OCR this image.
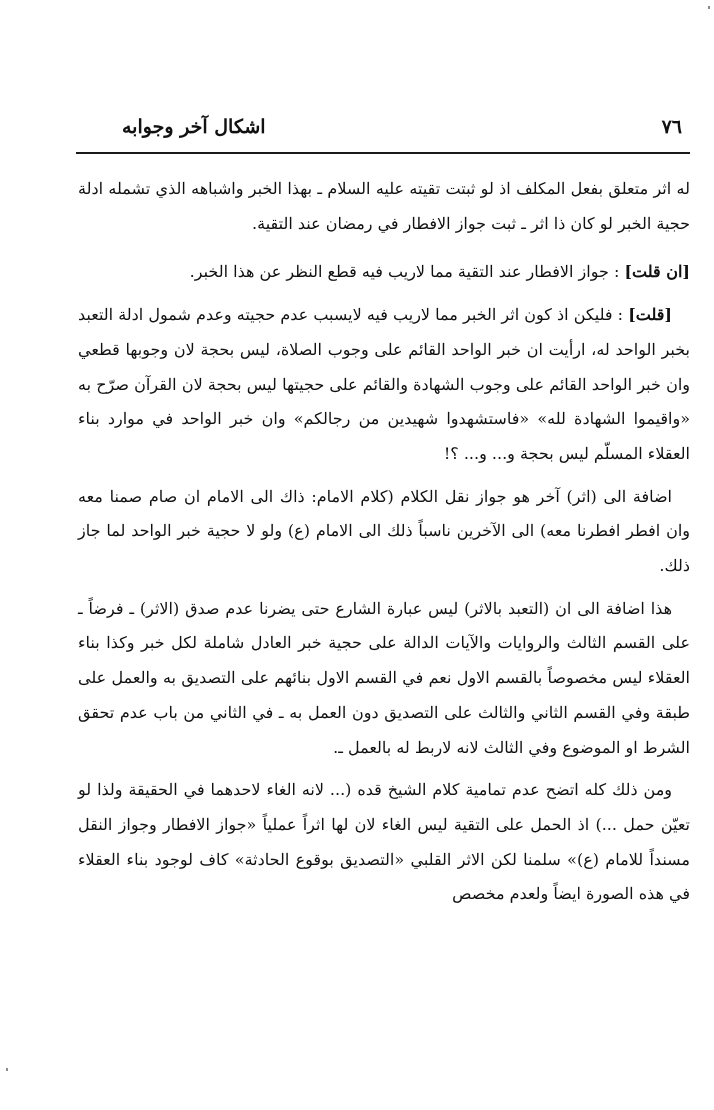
٧٦
اشكال آخر وجوابه

له اثر متعلق بفعل المكلف اذ لو ثبتت تقيته عليه السلام ـ بهذا الخبر واشباهه الذي تشمله ادلة حجية الخبر لو كان ذا اثر ـ ثبت جواز الافطار في رمضان عند التقية.

[ان قلت] : جواز الافطار عند التقية مما لاريب فيه قطع النظر عن هذا الخبر.

[قلت] : فليكن اذ كون اثر الخبر مما لاريب فيه لايسبب عدم حجيته وعدم شمول ادلة التعبد بخبر الواحد له، ارأيت ان خبر الواحد القائم على وجوب الصلاة، ليس بحجة لان وجوبها قطعي وان خبر الواحد القائم على وجوب الشهادة والقائم على حجيتها ليس بحجة لان القرآن صرّح به «واقيموا الشهادة لله» «فاستشهدوا شهيدين من رجالكم» وان خبر الواحد في موارد بناء العقلاء المسلّم ليس بحجة و... و... ؟!

اضافة الى (اثر) آخر هو جواز نقل الكلام (كلام الامام: ذاك الى الامام ان صام صمنا معه وان افطر افطرنا معه) الى الآخرين ناسباً ذلك الى الامام (ع) ولو لا حجية خبر الواحد لما جاز ذلك.

هذا اضافة الى ان (التعبد بالاثر) ليس عبارة الشارع حتى يضرنا عدم صدق (الاثر) ـ فرضاً ـ على القسم الثالث والروايات والآيات الدالة على حجية خبر العادل شاملة لكل خبر وكذا بناء العقلاء ليس مخصوصاً بالقسم الاول نعم في القسم الاول بنائهم على التصديق به والعمل على طبقة وفي القسم الثاني والثالث على التصديق دون العمل به ـ في الثاني من باب عدم تحقق الشرط او الموضوع وفي الثالث لانه لاربط له بالعمل ـ.

ومن ذلك كله اتضح عدم تمامية كلام الشيخ قده (... لانه الغاء لاحدهما في الحقيقة ولذا لو تعيّن حمل ...) اذ الحمل على التقية ليس الغاء لان لها اثراً عملياً «جواز الافطار وجواز النقل مسنداً للامام (ع)» سلمنا لكن الاثر القلبي «التصديق بوقوع الحادثة» كاف لوجود بناء العقلاء في هذه الصورة ايضاً ولعدم مخصص
